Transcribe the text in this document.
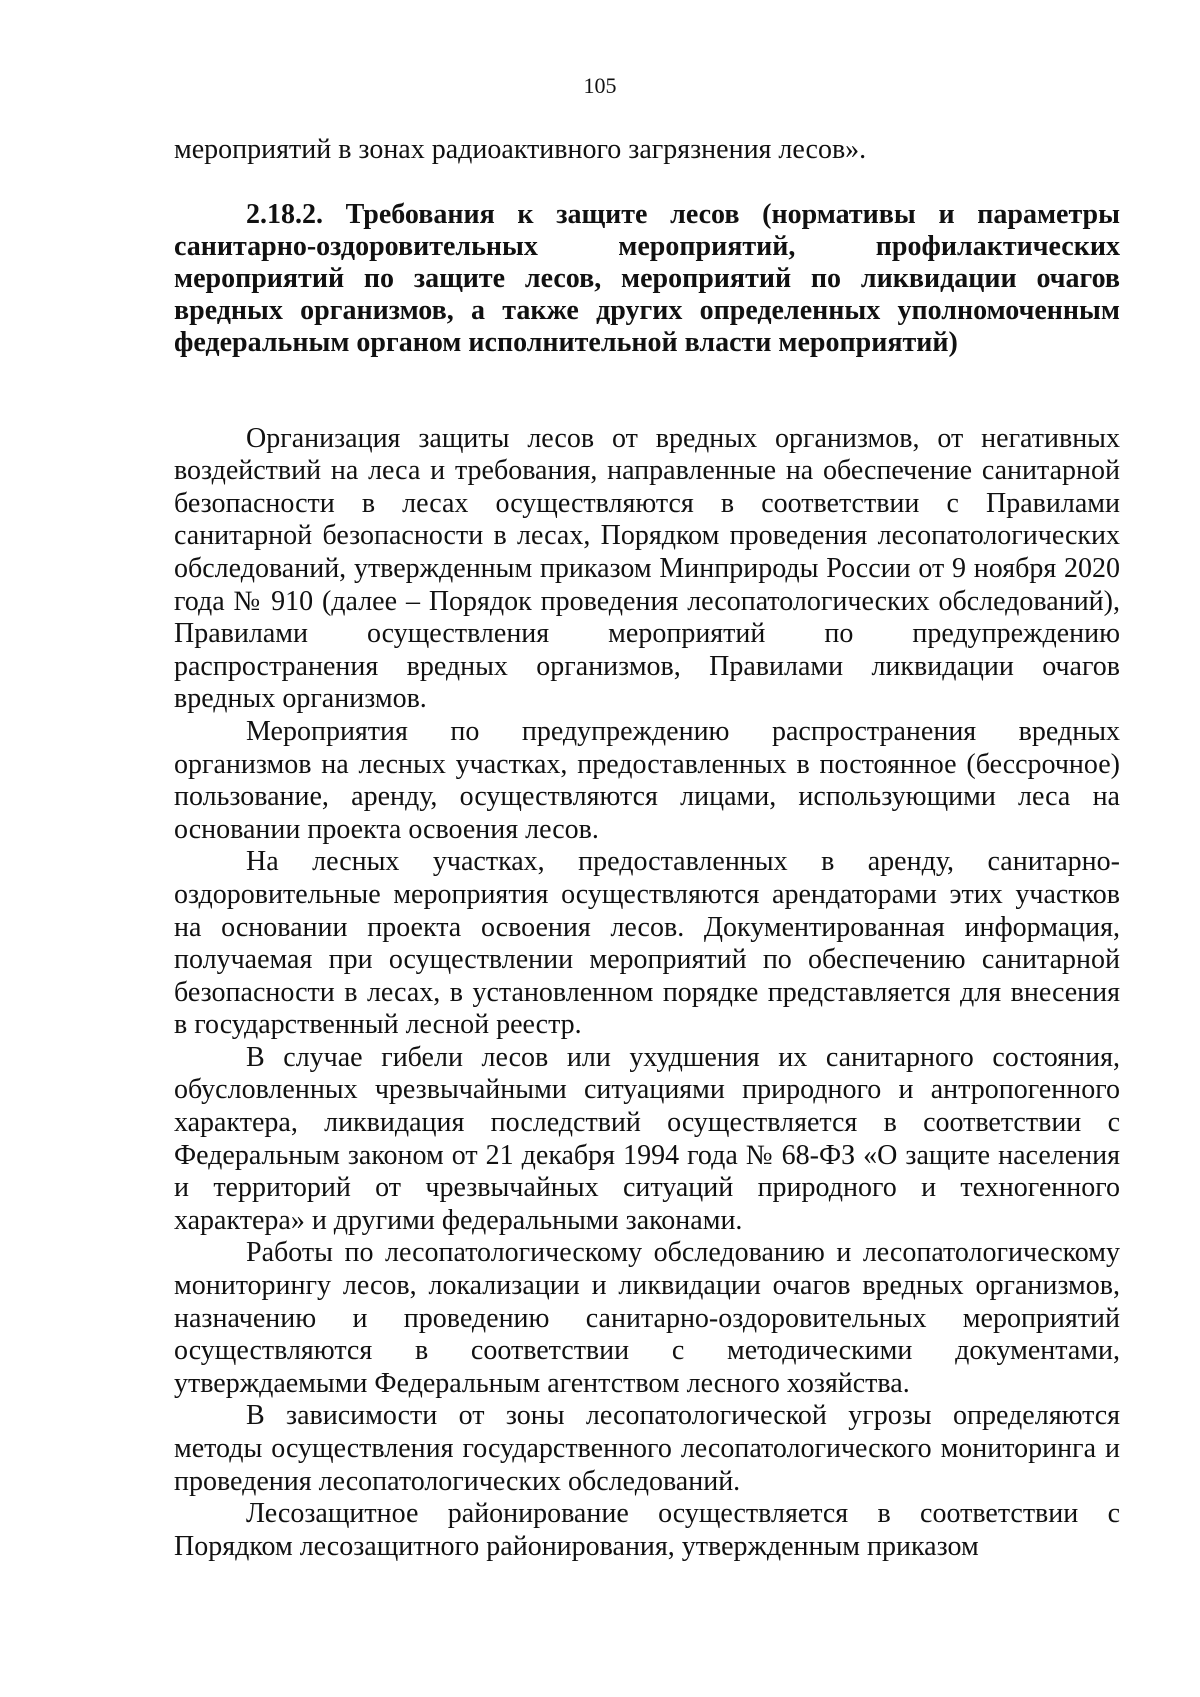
105

мероприятий в зонах радиоактивного загрязнения лесов».

2.18.2. Требования к защите лесов (нормативы и параметры санитарно-оздоровительных мероприятий, профилактических мероприятий по защите лесов, мероприятий по ликвидации очагов вредных организмов, а также других определенных уполномоченным федеральным органом исполнительной власти мероприятий)

Организация защиты лесов от вредных организмов, от негативных воздействий на леса и требования, направленные на обеспечение санитарной безопасности в лесах осуществляются в соответствии с Правилами санитарной безопасности в лесах, Порядком проведения лесопатологических обследований, утвержденным приказом Минприроды России от 9 ноября 2020 года № 910 (далее – Порядок проведения лесопатологических обследований), Правилами осуществления мероприятий по предупреждению распространения вредных организмов, Правилами ликвидации очагов вредных организмов.

Мероприятия по предупреждению распространения вредных организмов на лесных участках, предоставленных в постоянное (бессрочное) пользование, аренду, осуществляются лицами, использующими леса на основании проекта освоения лесов.

На лесных участках, предоставленных в аренду, санитарно-оздоровительные мероприятия осуществляются арендаторами этих участков на основании проекта освоения лесов. Документированная информация, получаемая при осуществлении мероприятий по обеспечению санитарной безопасности в лесах, в установленном порядке представляется для внесения в государственный лесной реестр.

В случае гибели лесов или ухудшения их санитарного состояния, обусловленных чрезвычайными ситуациями природного и антропогенного характера, ликвидация последствий осуществляется в соответствии с Федеральным законом от 21 декабря 1994 года № 68-ФЗ «О защите населения и территорий от чрезвычайных ситуаций природного и техногенного характера» и другими федеральными законами.

Работы по лесопатологическому обследованию и лесопатологическому мониторингу лесов, локализации и ликвидации очагов вредных организмов, назначению и проведению санитарно-оздоровительных мероприятий осуществляются в соответствии с методическими документами, утверждаемыми Федеральным агентством лесного хозяйства.

В зависимости от зоны лесопатологической угрозы определяются методы осуществления государственного лесопатологического мониторинга и проведения лесопатологических обследований.

Лесозащитное районирование осуществляется в соответствии с Порядком лесозащитного районирования, утвержденным приказом
